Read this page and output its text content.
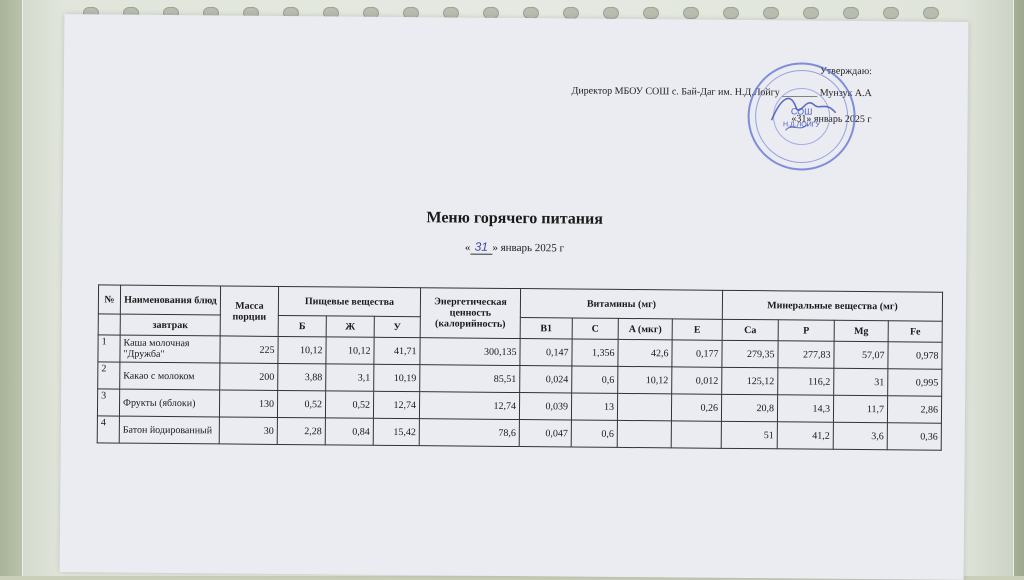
Утверждаю:
Директор МБОУ СОШ с. Бай-Даг им. Н.Д.Лойгу _______ Мунзук А.А
«31» январь 2025 г
СОШ
Н.Д.ЛОЙГУ
Меню горячего питания
« 31 » январь 2025 г
№	Наименования блюд	Масса порции	Пищевые вещества			Энергетическая ценность (калорийность)	Витамины (мг)				Минеральные вещества (мг)			
	завтрак		Б	Ж	У		B1	C	A (мкг)	E	Ca	P	Mg	Fe
1	Каша молочная "Дружба"	225	10,12	10,12	41,71	300,135	0,147	1,356	42,6	0,177	279,35	277,83	57,07	0,978
2	Какао с молоком	200	3,88	3,1	10,19	85,51	0,024	0,6	10,12	0,012	125,12	116,2	31	0,995
3	Фрукты (яблоки)	130	0,52	0,52	12,74	12,74	0,039	13		0,26	20,8	14,3	11,7	2,86
4	Батон йодированный	30	2,28	0,84	15,42	78,6	0,047	0,6			51	41,2	3,6	0,36
